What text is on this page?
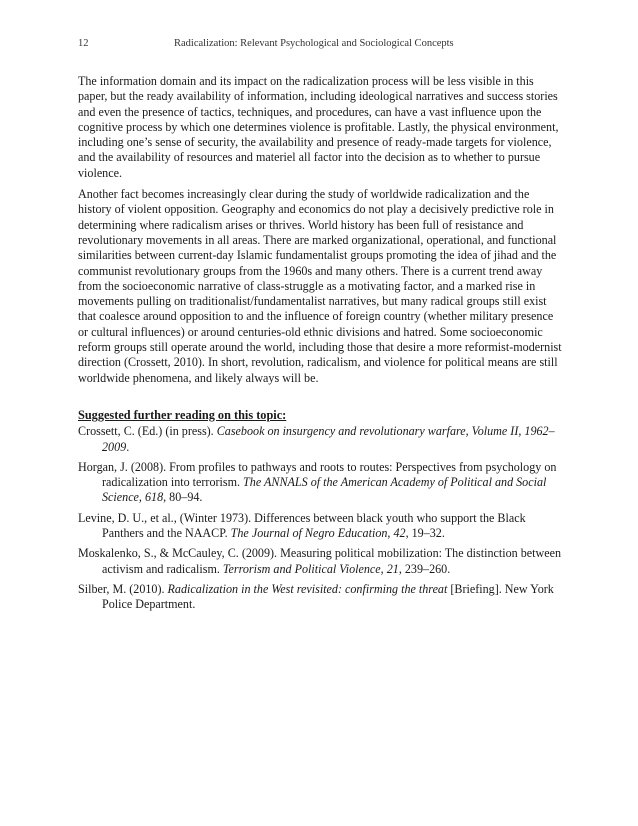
12	Radicalization: Relevant Psychological and Sociological Concepts

The information domain and its impact on the radicalization process will be less visible in this paper, but the ready availability of information, including ideological narratives and success stories and even the presence of tactics, techniques, and procedures, can have a vast influence upon the cognitive process by which one determines violence is profitable. Lastly, the physical environment, including one’s sense of security, the availability and presence of ready-made targets for violence, and the availability of resources and materiel all factor into the decision as to whether to pursue violence.

Another fact becomes increasingly clear during the study of worldwide radicalization and the history of violent opposition. Geography and economics do not play a decisively predictive role in determining where radicalism arises or thrives. World history has been full of resistance and revolutionary movements in all areas. There are marked organizational, operational, and functional similarities between current-day Islamic fundamentalist groups promoting the idea of jihad and the communist revolutionary groups from the 1960s and many others. There is a current trend away from the socioeconomic narrative of class-struggle as a motivating factor, and a marked rise in movements pulling on traditionalist/fundamentalist narratives, but many radical groups still exist that coalesce around opposition to and the influence of foreign country (whether military presence or cultural influences) or around centuries-old ethnic divisions and hatred. Some socioeconomic reform groups still operate around the world, including those that desire a more reformist-modernist direction (Crossett, 2010). In short, revolution, radicalism, and violence for political means are still worldwide phenomena, and likely always will be.

Suggested further reading on this topic:

Crossett, C. (Ed.) (in press). Casebook on insurgency and revolutionary warfare, Volume II, 1962–2009.

Horgan, J. (2008). From profiles to pathways and roots to routes: Perspectives from psychology on radicalization into terrorism. The ANNALS of the American Academy of Political and Social Science, 618, 80–94.

Levine, D. U., et al., (Winter 1973). Differences between black youth who support the Black Panthers and the NAACP. The Journal of Negro Education, 42, 19–32.

Moskalenko, S., & McCauley, C. (2009). Measuring political mobilization: The distinction between activism and radicalism. Terrorism and Political Violence, 21, 239–260.

Silber, M. (2010). Radicalization in the West revisited: confirming the threat [Briefing]. New York Police Department.
